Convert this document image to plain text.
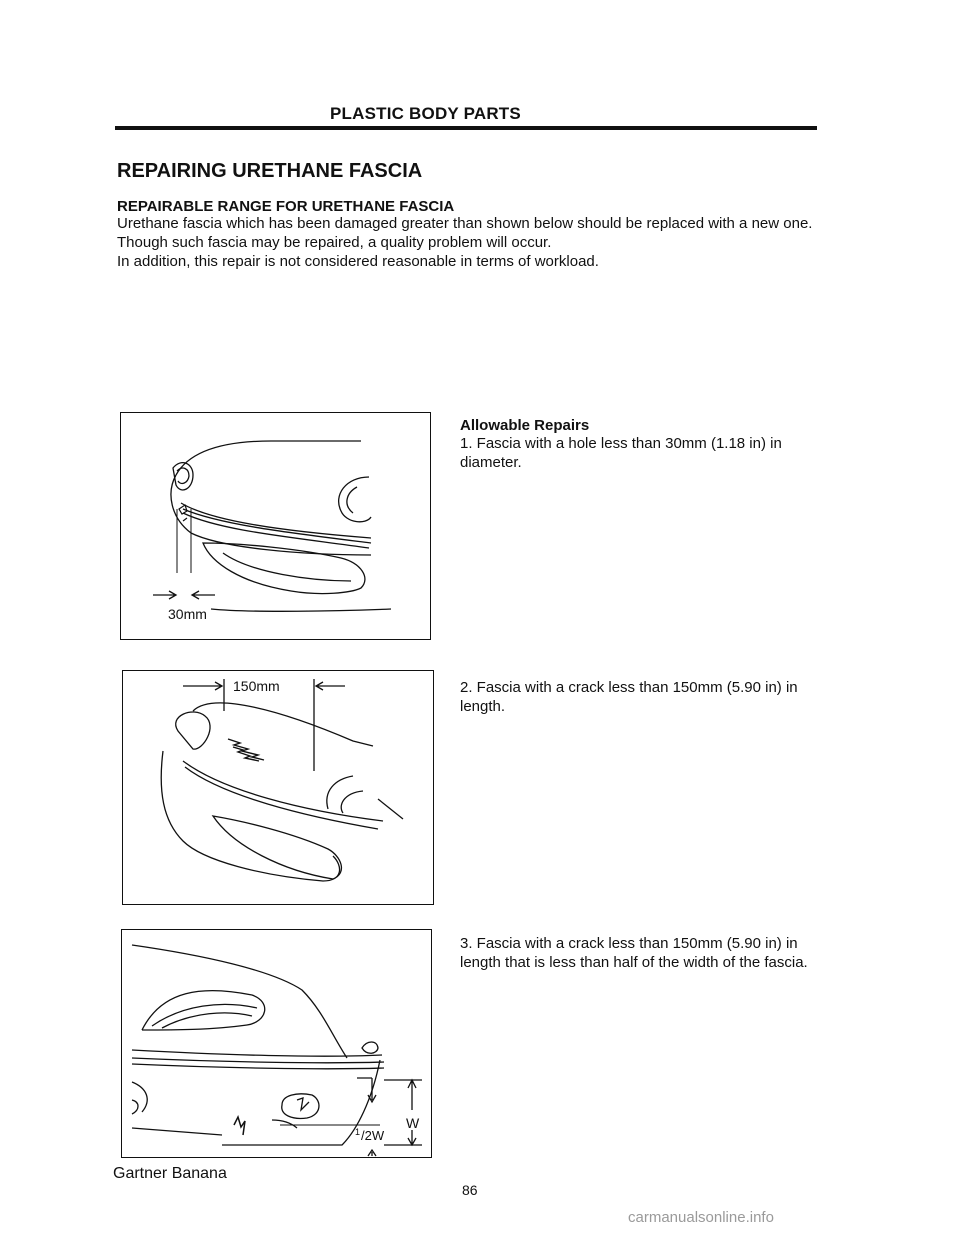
PLASTIC BODY PARTS
REPAIRING URETHANE FASCIA
REPAIRABLE RANGE FOR URETHANE FASCIA
Urethane fascia which has been damaged greater than shown below should be replaced with a new one. Though such fascia may be repaired, a quality problem will occur.
In addition, this repair is not considered reasonable in terms of workload.
30mm
150mm
W
1 /2W
Allowable Repairs
1. Fascia with a hole less than 30mm (1.18 in) in diameter.
2. Fascia with a crack less than 150mm (5.90 in) in length.
3. Fascia with a crack less than 150mm (5.90 in) in length that is less than half of the width of the fascia.
Gartner Banana
86
carmanualsonline.info
